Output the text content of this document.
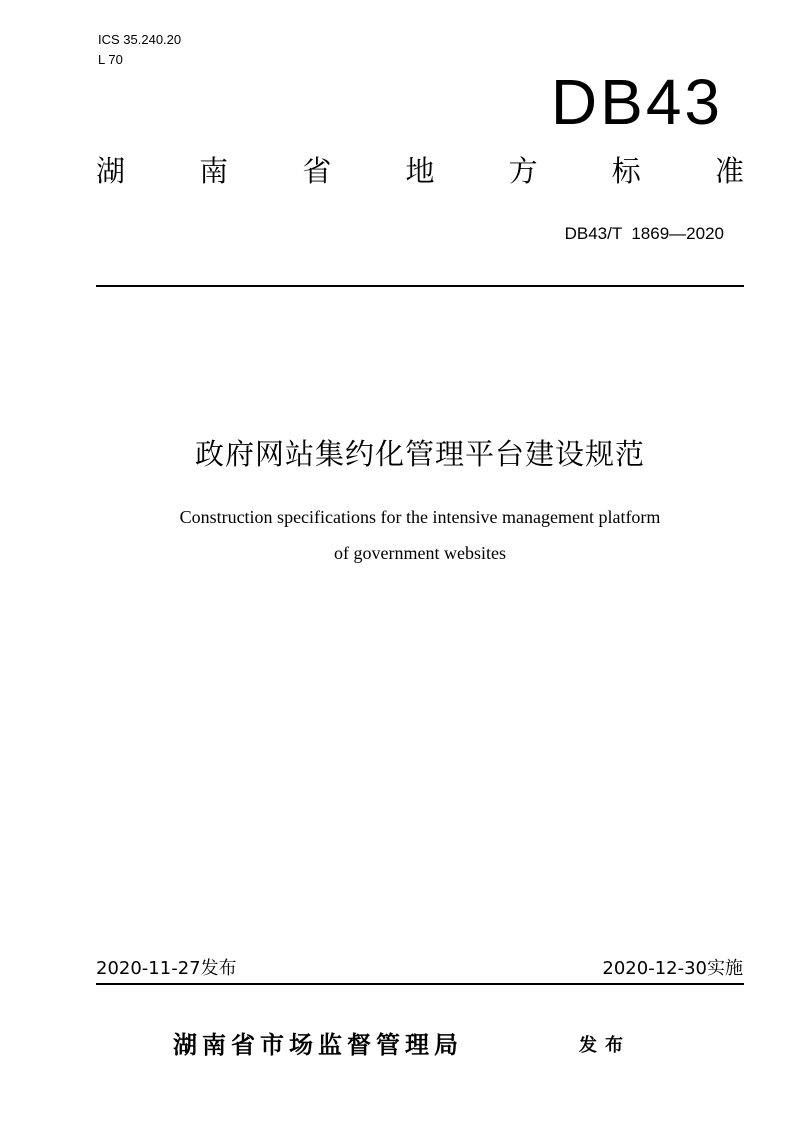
ICS 35.240.20
L 70
DB43
湖	南	省	地	方	标	准
DB43/T  1869—2020
政府网站集约化管理平台建设规范
Construction specifications for the intensive management platform
of government websites
2020-11-27发布	2020-12-30实施
湖南省市场监督管理局	发布
